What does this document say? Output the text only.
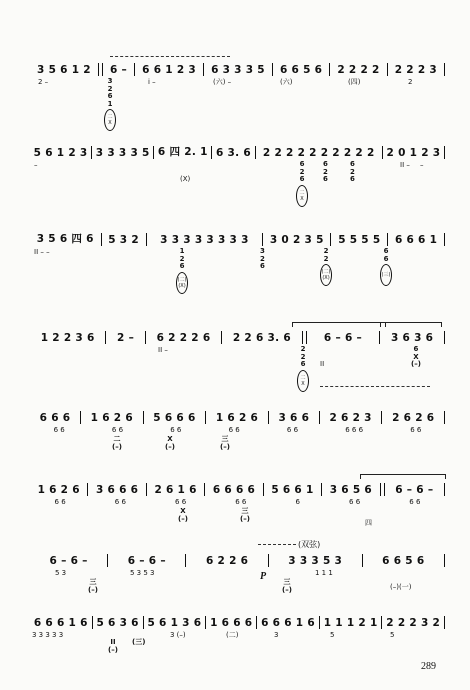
3 5 6 1 2	6 –	6 6 1 2 3	6 3 3 3 5	6 6 5 6	2 2 2 2	2 2 2 3
2 –	i –	(六) –	(六)	(四)	2
3
2
6
1
二
X
5 6 1 2 3 3 3 3 3 5 6 四 2. 1 6 3. 6	2 2 2 2 2 2 2 2 2 2	2 0 1 2 3
–	–
(X)
II –
6
2
6
二
X
6
2
6
6
2
6
3 5 6 四 6	5 3 2	3 3 3 3 3 3 3 3	3 0 2 3 5	5 5 5 5	6 6 6 1
II – –	1
2
6
(二)
(X)
3
2
6
2
2
(二)
(X)
6
6
(三)
1 2 2 3 6	2 –	6 2 2 2 6	2 2 6 3. 6	6 – 6 –	3 6 3 6
II –
II
2
2
6
二
X
6
X
(–)
6 6 6	1 6 2 6	5 6 6 6	1 6 2 6	3 6 6	2 6 2 3	2 6 2 6
6 6	6 6	6 6	6 6	6 6	6 6 6	6 6
二
(–)
X
(–)
三
(–)
1 6 2 6	3 6 6 6	2 6 1 6	6 6 6 6	5 6 6 1	3 6 5 6	6 – 6 –
6 6	6 6	6 6	6 6	6	6 6	6 6
X
(–)
三
(–)
四
(双弦)
6 – 6 –	6 – 6 –	6 2 2 6	3 3 3 5 3	6 6 5 6
P
5 3	5 3 5 3	1 1 1
(–)(一)
三
(–)
三
(–)
6 6 6 1 6 5 6 3 6 5 6 1 3 6 1 6 6 6 6 6 6 1 6 1 1 1 2 1 2 2 2 3 2
3 3 3 3 3	3 (–)	(二)	3	5	5
II
(–)
(三)
289
